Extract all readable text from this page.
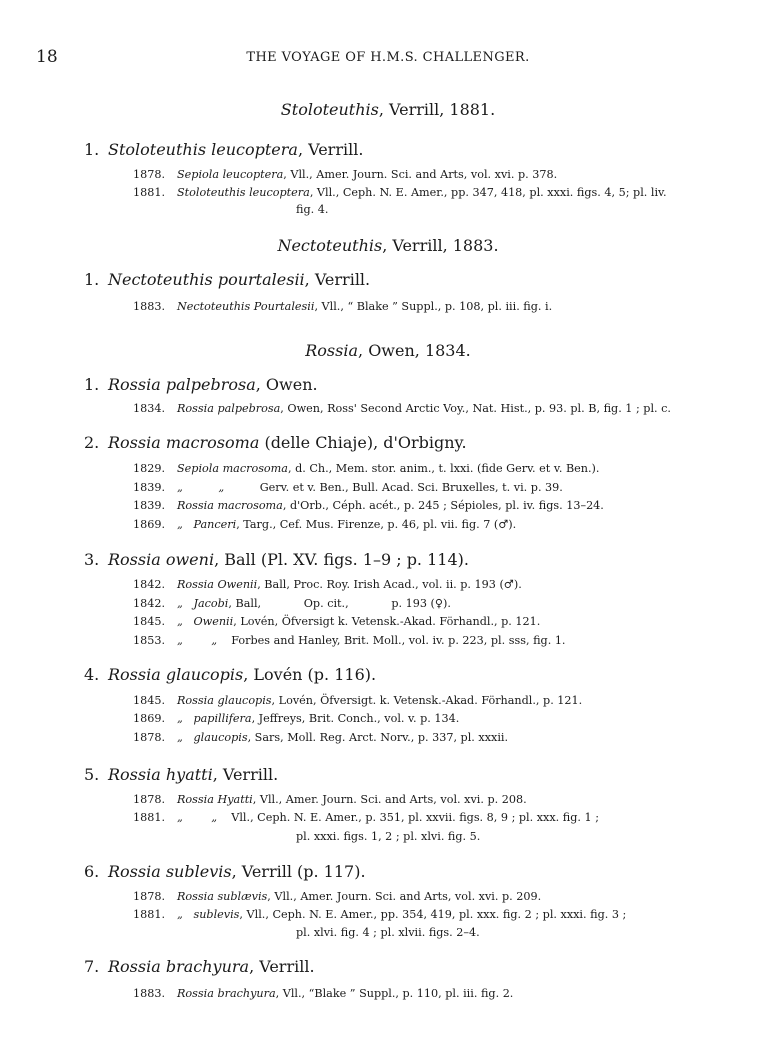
18	THE VOYAGE OF H.M.S. CHALLENGER.
Stoloteuthis, Verrill, 1881.
1. Stoloteuthis leucoptera, Verrill.
1878. Sepiola leucoptera, Vll., Amer. Journ. Sci. and Arts, vol. xvi. p. 378.
1881. Stoloteuthis leucoptera, Vll., Ceph. N. E. Amer., pp. 347, 418, pl. xxxi. figs. 4, 5; pl. liv.
fig. 4.
Nectoteuthis, Verrill, 1883.
1. Nectoteuthis pourtalesii, Verrill.
1883. Nectoteuthis Pourtalesii, Vll., “ Blake ” Suppl., p. 108, pl. iii. fig. i.
Rossia, Owen, 1834.
1. Rossia palpebrosa, Owen.
1834. Rossia palpebrosa, Owen, Ross' Second Arctic Voy., Nat. Hist., p. 93. pl. B, fig. 1 ; pl. c.
2. Rossia macrosoma (delle Chiaje), d'Orbigny.
1829. Sepiola macrosoma, d. Ch., Mem. stor. anim., t. lxxi. (fide Gerv. et v. Ben.).
1839. „          „          Gerv. et v. Ben., Bull. Acad. Sci. Bruxelles, t. vi. p. 39.
1839. Rossia macrosoma, d'Orb., Céph. acét., p. 245 ; Sépioles, pl. iv. figs. 13–24.
1869. „   Panceri, Targ., Cef. Mus. Firenze, p. 46, pl. vii. fig. 7 (♂).
3. Rossia oweni, Ball (Pl. XV. figs. 1–9 ; p. 114).
1842. Rossia Owenii, Ball, Proc. Roy. Irish Acad., vol. ii. p. 193 (♂).
1842. „   Jacobi, Ball,            Op. cit.,            p. 193 (♀).
1845. „   Owenii, Lovén, Öfversigt k. Vetensk.-Akad. Förhandl., p. 121.
1853. „        „    Forbes and Hanley, Brit. Moll., vol. iv. p. 223, pl. sss, fig. 1.
4. Rossia glaucopis, Lovén (p. 116).
1845. Rossia glaucopis, Lovén, Öfversigt. k. Vetensk.-Akad. Förhandl., p. 121.
1869. „   papillifera, Jeffreys, Brit. Conch., vol. v. p. 134.
1878. „   glaucopis, Sars, Moll. Reg. Arct. Norv., p. 337, pl. xxxii.
5. Rossia hyatti, Verrill.
1878. Rossia Hyatti, Vll., Amer. Journ. Sci. and Arts, vol. xvi. p. 208.
1881. „        „    Vll., Ceph. N. E. Amer., p. 351, pl. xxvii. figs. 8, 9 ; pl. xxx. fig. 1 ;
pl. xxxi. figs. 1, 2 ; pl. xlvi. fig. 5.
6. Rossia sublevis, Verrill (p. 117).
1878. Rossia sublævis, Vll., Amer. Journ. Sci. and Arts, vol. xvi. p. 209.
1881. „   sublevis, Vll., Ceph. N. E. Amer., pp. 354, 419, pl. xxx. fig. 2 ; pl. xxxi. fig. 3 ;
pl. xlvi. fig. 4 ; pl. xlvii. figs. 2–4.
7. Rossia brachyura, Verrill.
1883. Rossia brachyura, Vll., “Blake ” Suppl., p. 110, pl. iii. fig. 2.
